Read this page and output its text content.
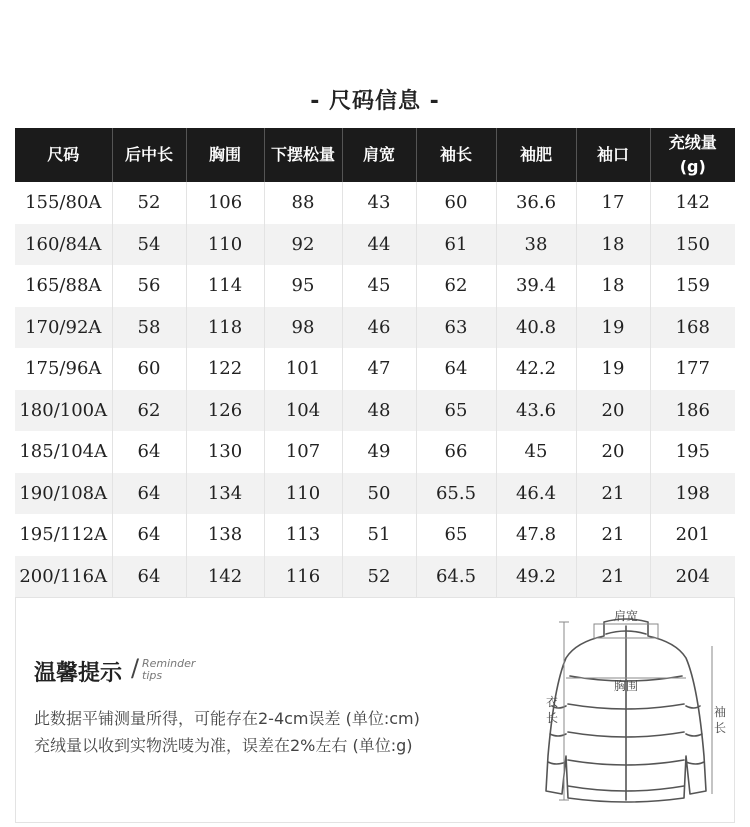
- 尺码信息 -
尺码	后中长	胸围	下摆松量	肩宽	袖长	袖肥	袖口	充绒量
(g)
155/80A	52	106	88	43	60	36.6	17	142
160/84A	54	110	92	44	61	38	18	150
165/88A	56	114	95	45	62	39.4	18	159
170/92A	58	118	98	46	63	40.8	19	168
175/96A	60	122	101	47	64	42.2	19	177
180/100A	62	126	104	48	65	43.6	20	186
185/104A	64	130	107	49	66	45	20	195
190/108A	64	134	110	50	65.5	46.4	21	198
195/112A	64	138	113	51	65	47.8	21	201
200/116A	64	142	116	52	64.5	49.2	21	204
温馨提示 / Reminder
tips
此数据平铺测量所得，可能存在2-4cm误差 (单位:cm)
充绒量以收到实物洗唛为准，误差在2%左右 (单位:g)
肩宽
胸围
衣
长	袖
长
